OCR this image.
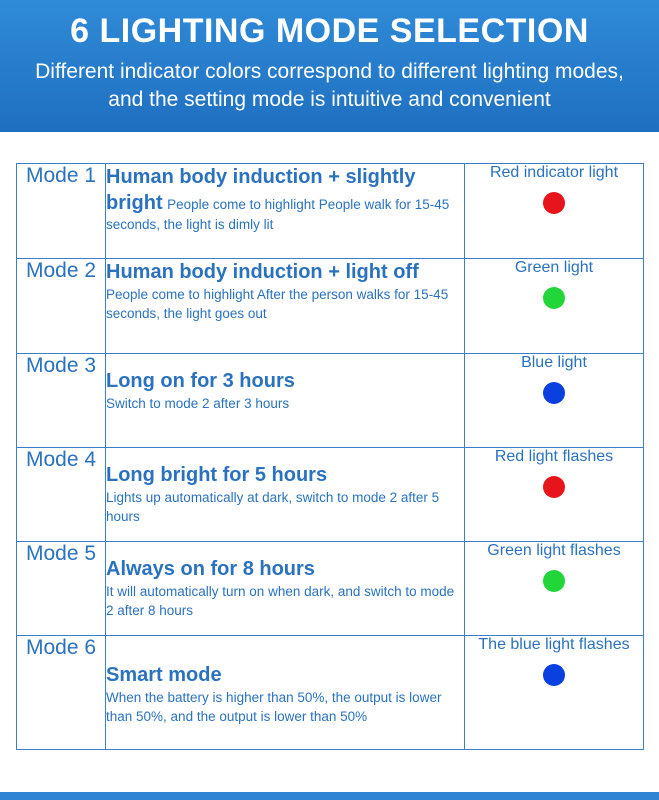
6 LIGHTING MODE SELECTION
Different indicator colors correspond to different lighting modes, and the setting mode is intuitive and convenient
Mode 1	Human body induction + slightly bright People come to highlight People walk for 15-45 seconds, the light is dimly lit	Red indicator light

Mode 2	Human body induction + light off
People come to highlight After the person walks for 15-45 seconds, the light goes out	Green light

Mode 3	Long on for 3 hours
Switch to mode 2 after 3 hours	Blue light

Mode 4	Long bright for 5 hours
Lights up automatically at dark, switch to mode 2 after 5 hours	Red light flashes

Mode 5	Always on for 8 hours
It will automatically turn on when dark, and switch to mode 2 after 8 hours	Green light flashes

Mode 6	Smart mode
When the battery is higher than 50%, the output is lower than 50%, and the output is lower than 50%	The blue light flashes
